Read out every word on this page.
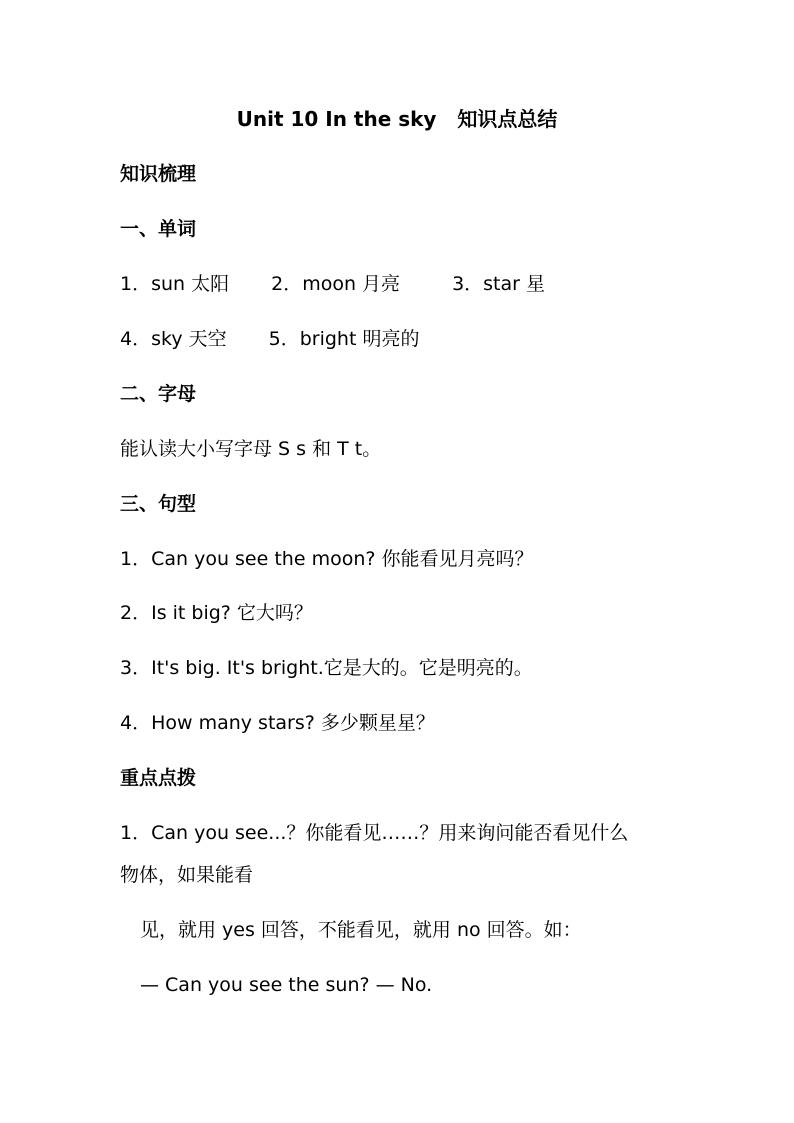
Unit 10 In the sky   知识点总结
知识梳理
一、单词
1．sun 太阳 2．moon 月亮	3．star 星
4．sky 天空 5．bright 明亮的
二、字母
能认读大小写字母 S s 和 T t。
三、句型
1．Can you see the moon? 你能看见月亮吗？
2．Is it big? 它大吗？
3．It's big. It's bright.它是大的。它是明亮的。
4．How many stars? 多少颗星星？
重点点拨
1．Can you see...？你能看见……？用来询问能否看见什么
物体，如果能看
见，就用 yes 回答，不能看见，就用 no 回答。如：
— Can you see the sun? — No.
